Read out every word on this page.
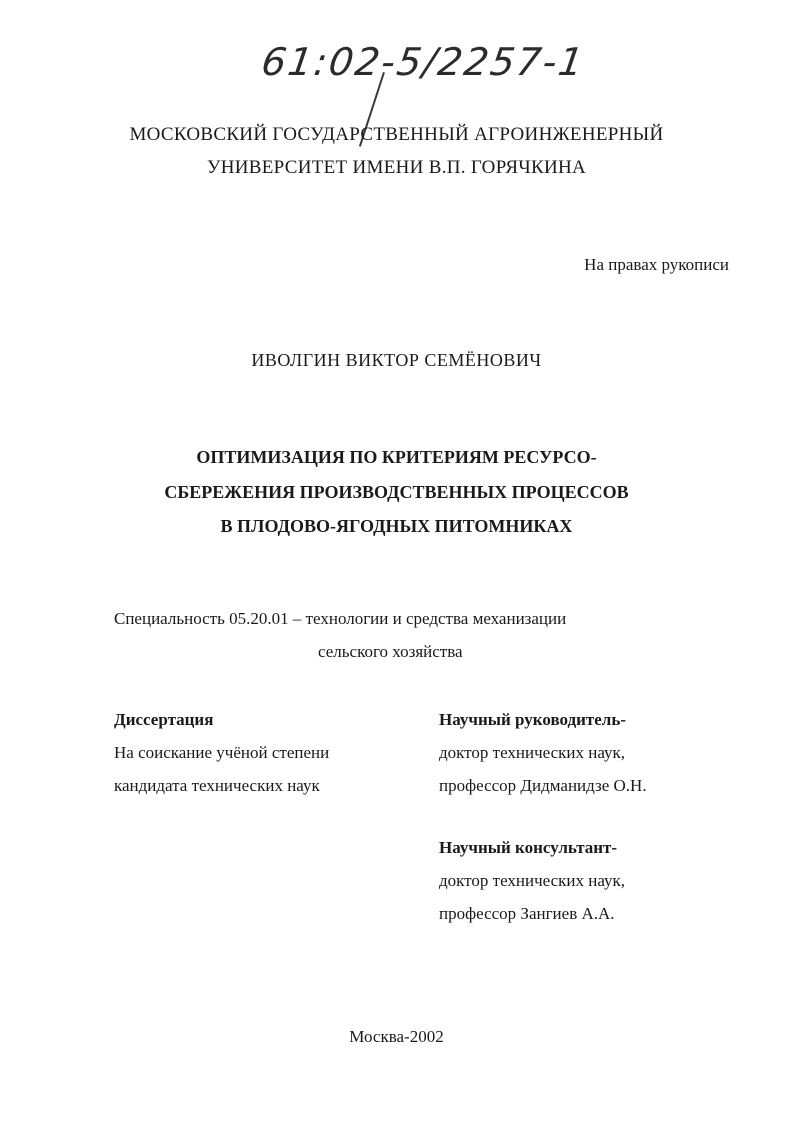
61:02-5/2257-1
МОСКОВСКИЙ ГОСУДАРСТВЕННЫЙ АГРОИНЖЕНЕРНЫЙ
УНИВЕРСИТЕТ ИМЕНИ В.П. ГОРЯЧКИНА
На правах рукописи
ИВОЛГИН ВИКТОР СЕМЁНОВИЧ
ОПТИМИЗАЦИЯ ПО КРИТЕРИЯМ РЕСУРСО-
СБЕРЕЖЕНИЯ ПРОИЗВОДСТВЕННЫХ ПРОЦЕССОВ
В ПЛОДОВО-ЯГОДНЫХ ПИТОМНИКАХ
Специальность 05.20.01 – технологии и средства механизации
сельского хозяйства
Диссертация
На соискание учёной степени
кандидата технических наук
Научный руководитель-
доктор технических наук,
профессор Дидманидзе О.Н.
Научный консультант-
доктор технических наук,
профессор Зангиев А.А.
Москва-2002
